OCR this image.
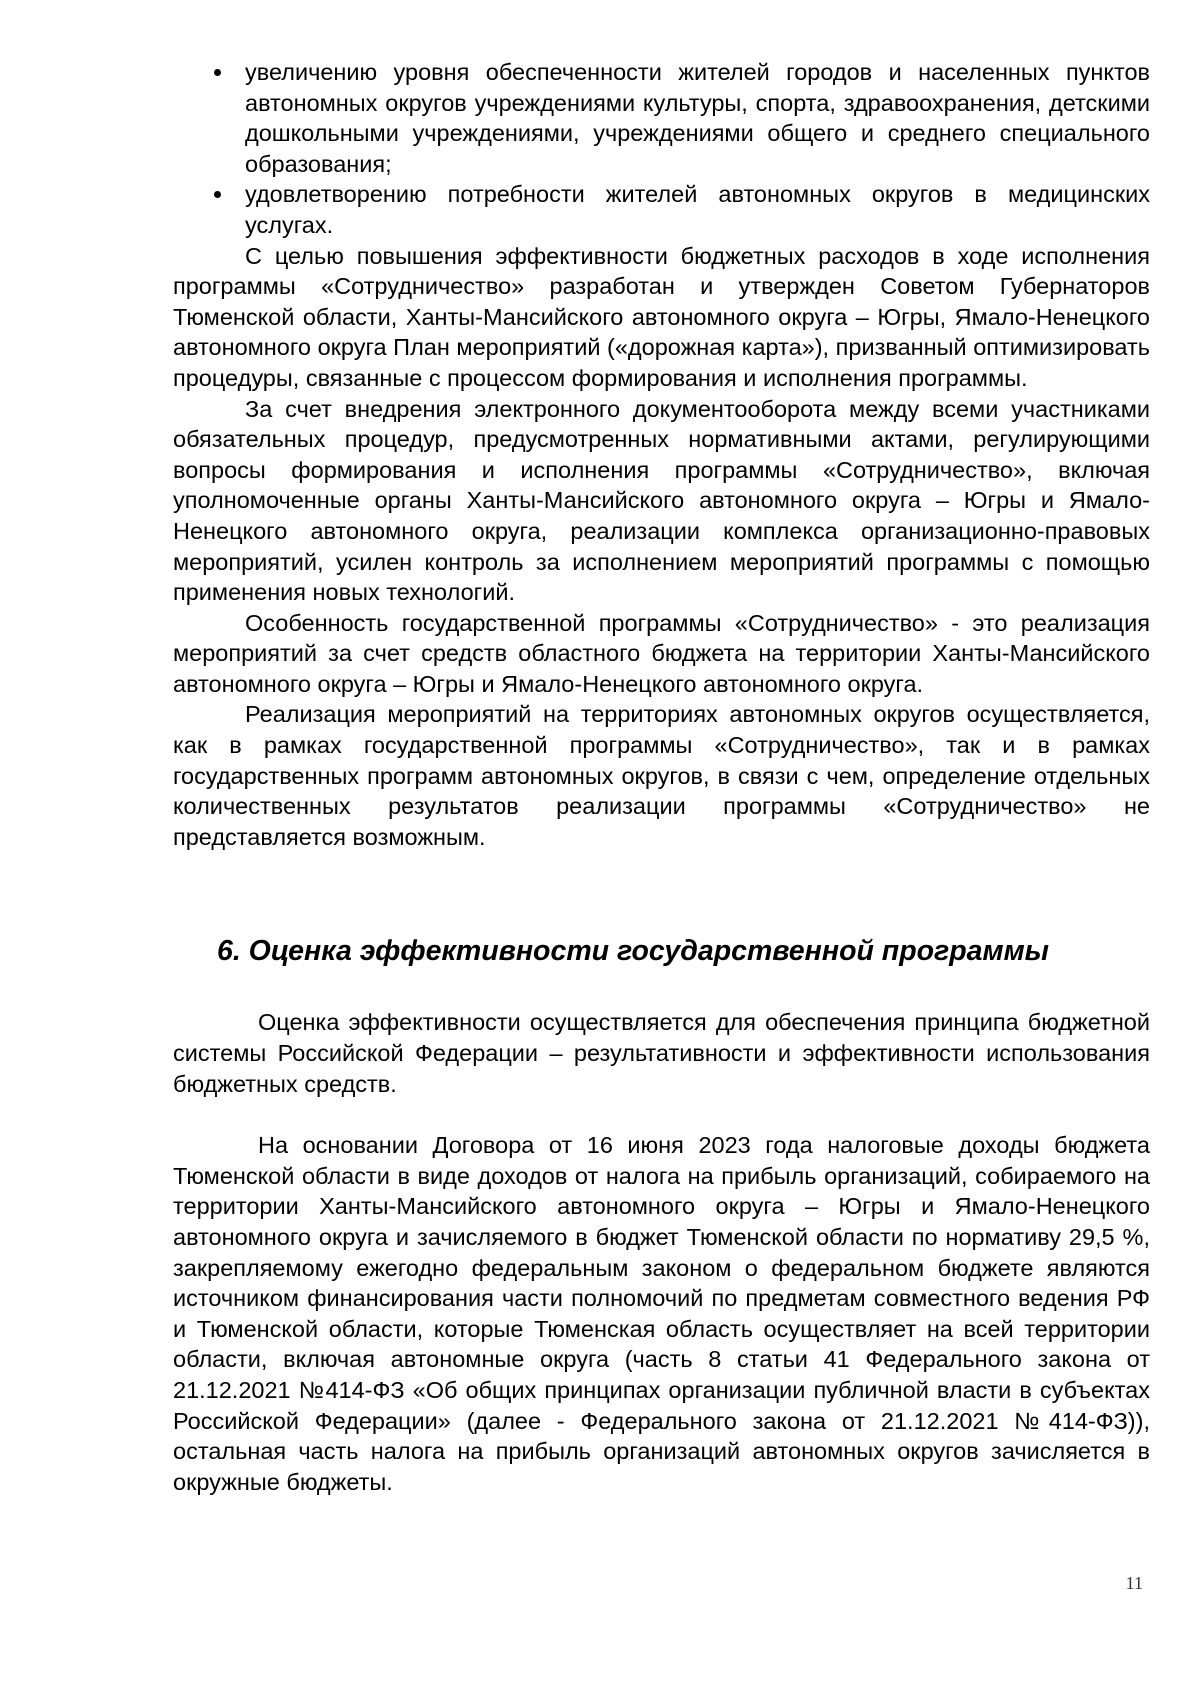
увеличению уровня обеспеченности жителей городов и населенных пунктов автономных округов учреждениями культуры, спорта, здравоохранения, детскими дошкольными учреждениями, учреждениями общего и среднего специального образования;
удовлетворению потребности жителей автономных округов в медицинских услугах.

С целью повышения эффективности бюджетных расходов в ходе исполнения программы «Сотрудничество» разработан и утвержден Советом Губернаторов Тюменской области, Ханты-Мансийского автономного округа – Югры, Ямало-Ненецкого автономного округа План мероприятий («дорожная карта»), призванный оптимизировать процедуры, связанные с процессом формирования и исполнения программы.

За счет внедрения электронного документооборота между всеми участниками обязательных процедур, предусмотренных нормативными актами, регулирующими вопросы формирования и исполнения программы «Сотрудничество», включая уполномоченные органы Ханты-Мансийского автономного округа – Югры и Ямало-Ненецкого автономного округа, реализации комплекса организационно-правовых мероприятий, усилен контроль за исполнением мероприятий программы с помощью применения новых технологий.

Особенность государственной программы «Сотрудничество» - это реализация мероприятий за счет средств областного бюджета на территории Ханты-Мансийского автономного округа – Югры и Ямало-Ненецкого автономного округа.

Реализация мероприятий на территориях автономных округов осуществляется, как в рамках государственной программы «Сотрудничество», так и в рамках государственных программ автономных округов, в связи с чем, определение отдельных количественных результатов реализации программы «Сотрудничество» не представляется возможным.

6. Оценка эффективности государственной программы

Оценка эффективности осуществляется для обеспечения принципа бюджетной системы Российской Федерации – результативности и эффективности использования бюджетных средств.

На основании Договора от 16 июня 2023 года налоговые доходы бюджета Тюменской области в виде доходов от налога на прибыль организаций, собираемого на территории Ханты-Мансийского автономного округа – Югры и Ямало-Ненецкого автономного округа и зачисляемого в бюджет Тюменской области по нормативу 29,5 %, закрепляемому ежегодно федеральным законом о федеральном бюджете являются источником финансирования части полномочий по предметам совместного ведения РФ и Тюменской области, которые Тюменская область осуществляет на всей территории области, включая автономные округа (часть 8 статьи 41 Федерального закона от 21.12.2021 №414-ФЗ «Об общих принципах организации публичной власти в субъектах Российской Федерации» (далее - Федерального закона от 21.12.2021 №414-ФЗ)), остальная часть налога на прибыль организаций автономных округов зачисляется в окружные бюджеты.

11
